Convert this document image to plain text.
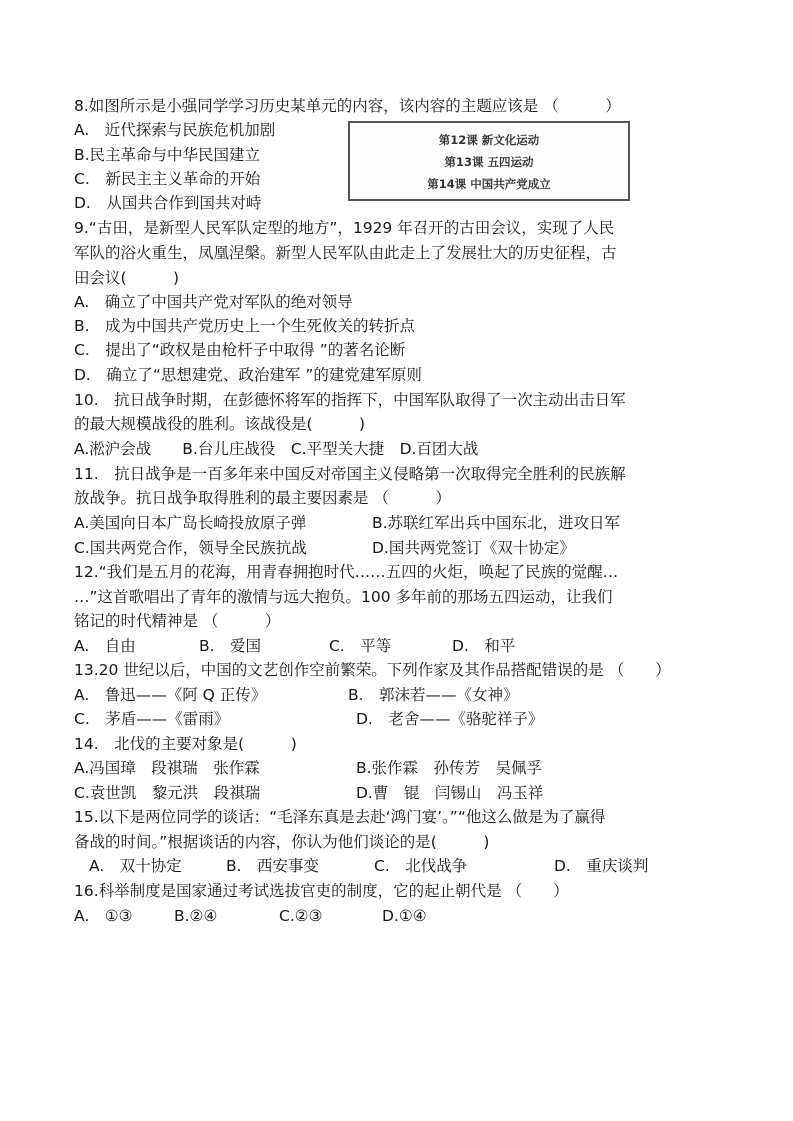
8.如图所示是小强同学学习历史某单元的内容，该内容的主题应该是 （　　　）
A.　近代探索与民族危机加剧
B.民主革命与中华民国建立
C.　新民主主义革命的开始
D.　从国共合作到国共对峙
第12课 新文化运动
第13课 五四运动
第14课 中国共产党成立
9.“古田，是新型人民军队定型的地方”，1929 年召开的古田会议，实现了人民
军队的浴火重生，凤凰涅槃。新型人民军队由此走上了发展壮大的历史征程，古
田会议(　　　)
A.　确立了中国共产党对军队的绝对领导
B.　成为中国共产党历史上一个生死攸关的转折点
C.　提出了“政权是由枪杆子中取得 ”的著名论断
D.　确立了“思想建党、政治建军 ”的建党建军原则
10.　抗日战争时期，在彭德怀将军的指挥下，中国军队取得了一次主动出击日军
的最大规模战役的胜利。该战役是(　　　)
A.淞沪会战　　B.台儿庄战役　C.平型关大捷　D.百团大战
11.　抗日战争是一百多年来中国反对帝国主义侵略第一次取得完全胜利的民族解
放战争。抗日战争取得胜利的最主要因素是 （　　　）
A.美国向日本广岛长崎投放原子弹	B.苏联红军出兵中国东北，进攻日军
C.国共两党合作，领导全民族抗战	D.国共两党签订《双十协定》
12.“我们是五月的花海，用青春拥抱时代……五四的火炬，唤起了民族的觉醒…
…”这首歌唱出了青年的激情与远大抱负。100 多年前的那场五四运动，让我们
铭记的时代精神是 （　　　）
A.　自由	B.　爱国	C.　平等	D.　和平
13.20 世纪以后，中国的文艺创作空前繁荣。下列作家及其作品搭配错误的是 （　　）
A.　鲁迅——《阿 Q 正传》	B.　郭沫若——《女神》
C.　茅盾——《雷雨》	D.　老舍——《骆驼祥子》
14.　北伐的主要对象是(　　　)
A.冯国璋　段祺瑞　张作霖	B.张作霖　孙传芳　吴佩孚
C.袁世凯　黎元洪　段祺瑞	D.曹　锟　闫锡山　冯玉祥
15.以下是两位同学的谈话：“毛泽东真是去赴‘鸿门宴’。”“他这么做是为了赢得
备战的时间。”根据谈话的内容，你认为他们谈论的是(　　　)
A.　双十协定	B.　西安事变	C.　北伐战争	D.　重庆谈判
16.科举制度是国家通过考试选拔官吏的制度，它的起止朝代是 （　　）
A.　①③	B.②④	C.②③	D.①④
